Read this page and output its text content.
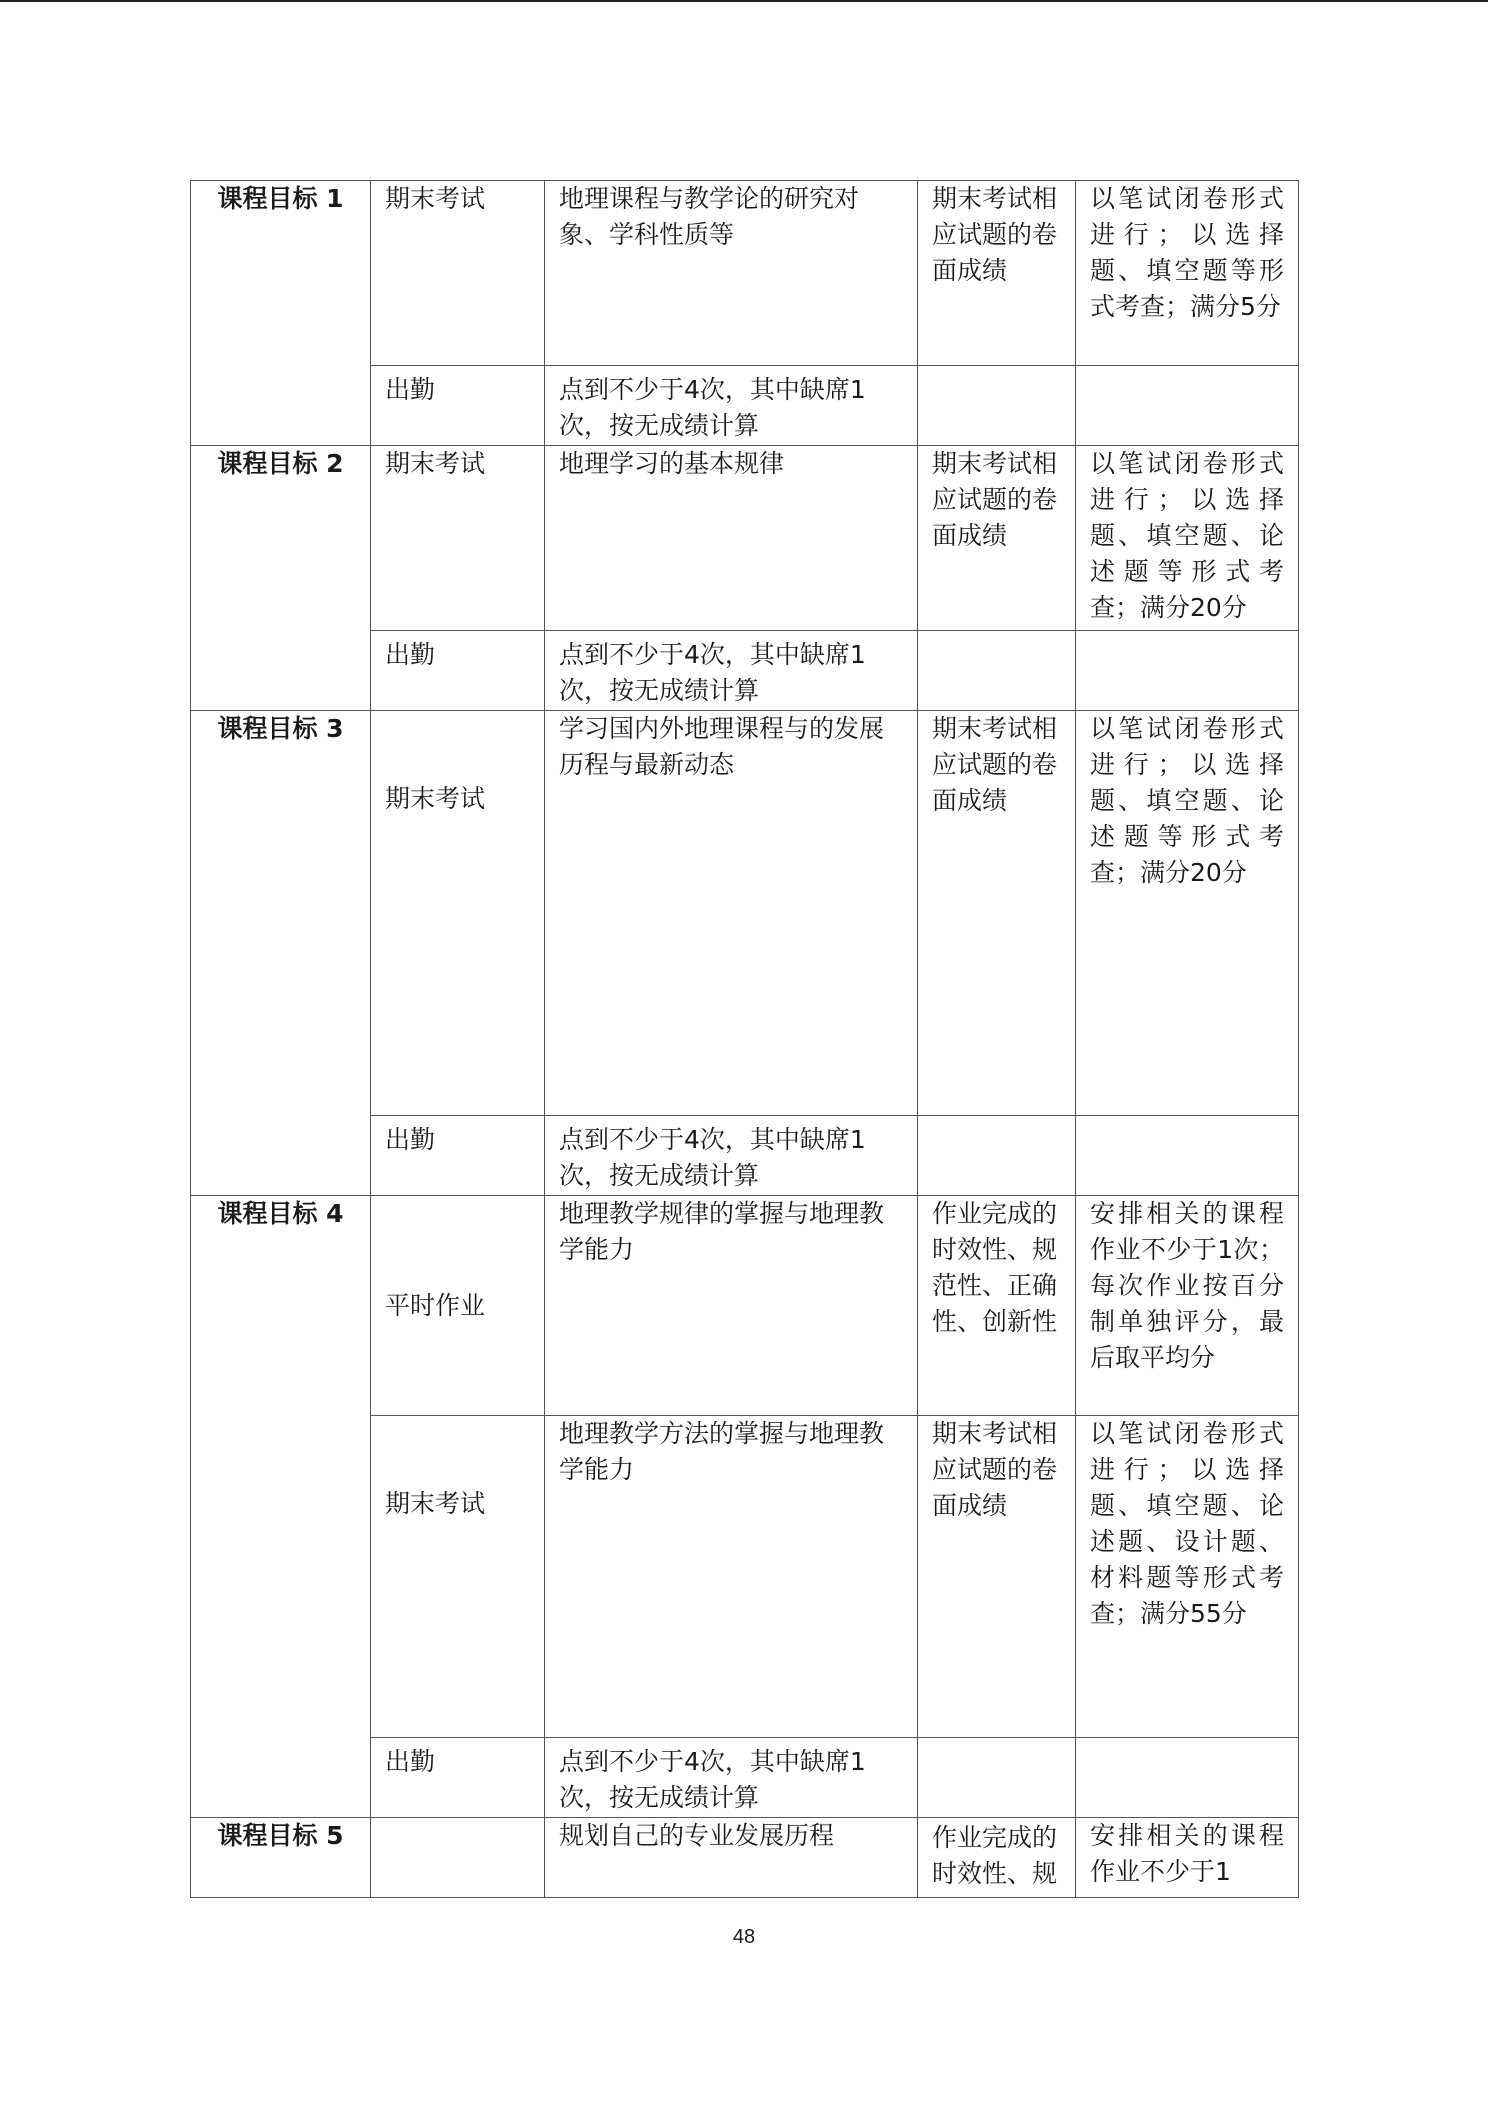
课程目标 1	期末考试	地理课程与教学论的研究对象、学科性质等	期末考试相应试题的卷面成绩	以笔试闭卷形式进行；以选择题、填空题等形式考查；满分5分
	出勤	点到不少于4次，其中缺席1次，按无成绩计算		
课程目标 2	期末考试	地理学习的基本规律	期末考试相应试题的卷面成绩	以笔试闭卷形式进行；以选择题、填空题、论述题等形式考查；满分20分
	出勤	点到不少于4次，其中缺席1次，按无成绩计算		
课程目标 3	期末考试	学习国内外地理课程与的发展历程与最新动态	期末考试相应试题的卷面成绩	以笔试闭卷形式进行；以选择题、填空题、论述题等形式考查；满分20分
	出勤	点到不少于4次，其中缺席1次，按无成绩计算		
课程目标 4	平时作业	地理教学规律的掌握与地理教学能力	作业完成的时效性、规范性、正确性、创新性	安排相关的课程作业不少于1次；每次作业按百分制单独评分，最后取平均分
	期末考试	地理教学方法的掌握与地理教学能力	期末考试相应试题的卷面成绩	以笔试闭卷形式进行；以选择题、填空题、论述题、设计题、材料题等形式考查；满分55分
	出勤	点到不少于4次，其中缺席1次，按无成绩计算		
课程目标 5		规划自己的专业发展历程	作业完成的时效性、规	安排相关的课程作业不少于1
48
